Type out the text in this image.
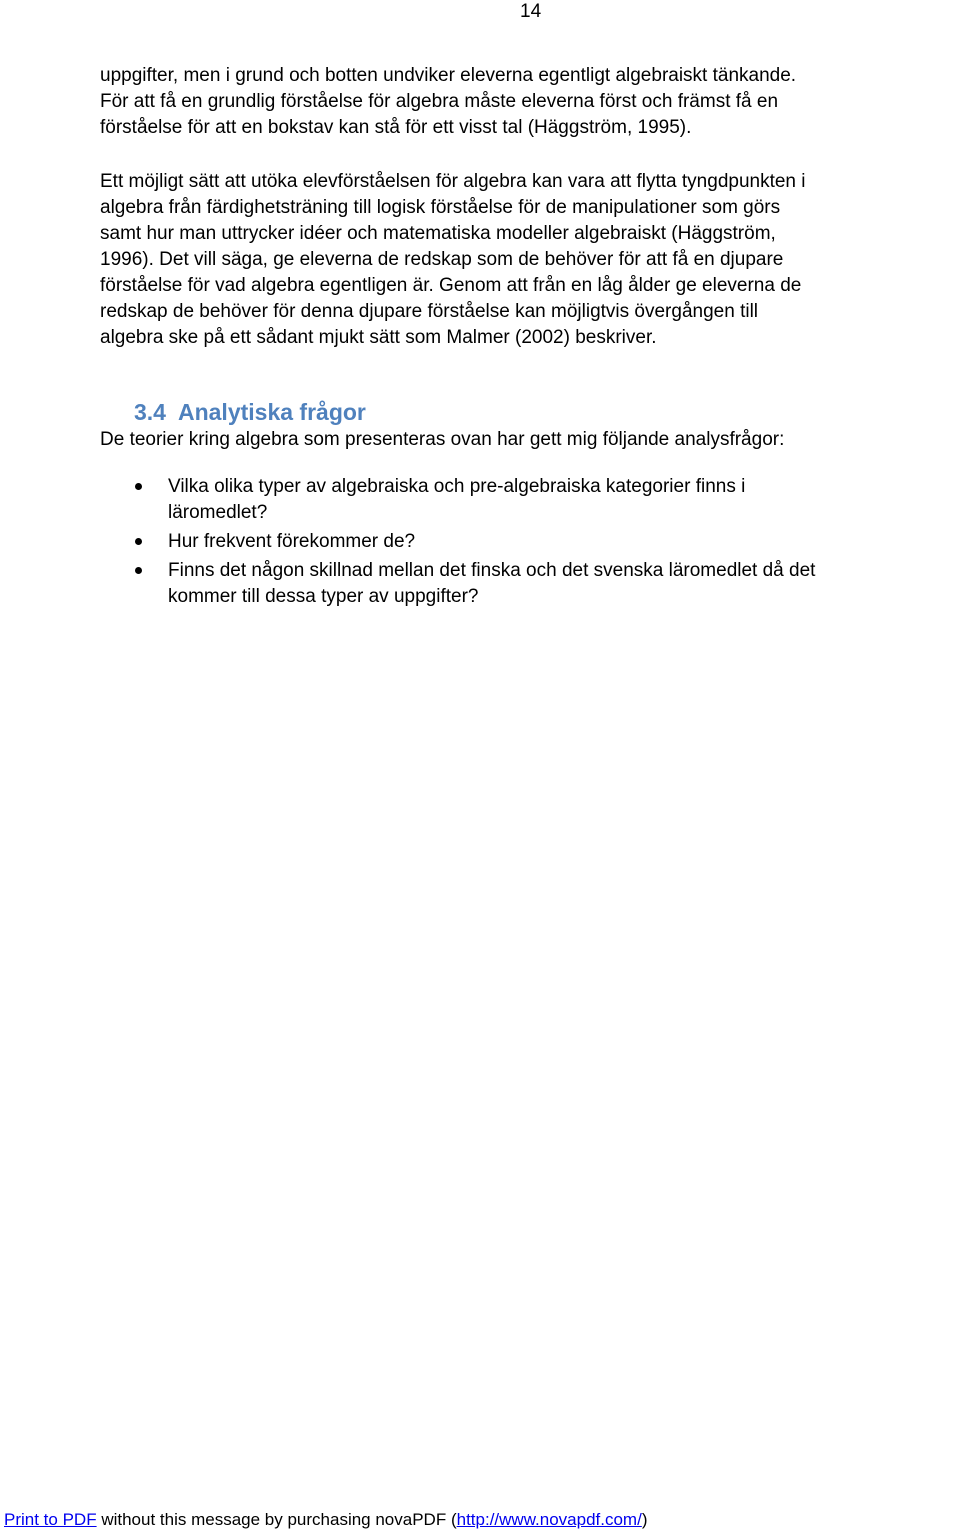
14

uppgifter, men i grund och botten undviker eleverna egentligt algebraiskt tänkande.
För att få en grundlig förståelse för algebra måste eleverna först och främst få en
förståelse för att en bokstav kan stå för ett visst tal (Häggström, 1995).

Ett möjligt sätt att utöka elevförståelsen för algebra kan vara att flytta tyngdpunkten i
algebra från färdighetsträning till logisk förståelse för de manipulationer som görs
samt hur man uttrycker idéer och matematiska modeller algebraiskt (Häggström,
1996). Det vill säga, ge eleverna de redskap som de behöver för att få en djupare
förståelse för vad algebra egentligen är. Genom att från en låg ålder ge eleverna de
redskap de behöver för denna djupare förståelse kan möjligtvis övergången till
algebra ske på ett sådant mjukt sätt som Malmer (2002) beskriver.

3.4 Analytiska frågor

De teorier kring algebra som presenteras ovan har gett mig följande analysfrågor:

Vilka olika typer av algebraiska och pre-algebraiska kategorier finns i
läromedlet?
Hur frekvent förekommer de?
Finns det någon skillnad mellan det finska och det svenska läromedlet då det
kommer till dessa typer av uppgifter?
Print to PDF without this message by purchasing novaPDF (http://www.novapdf.com/)
